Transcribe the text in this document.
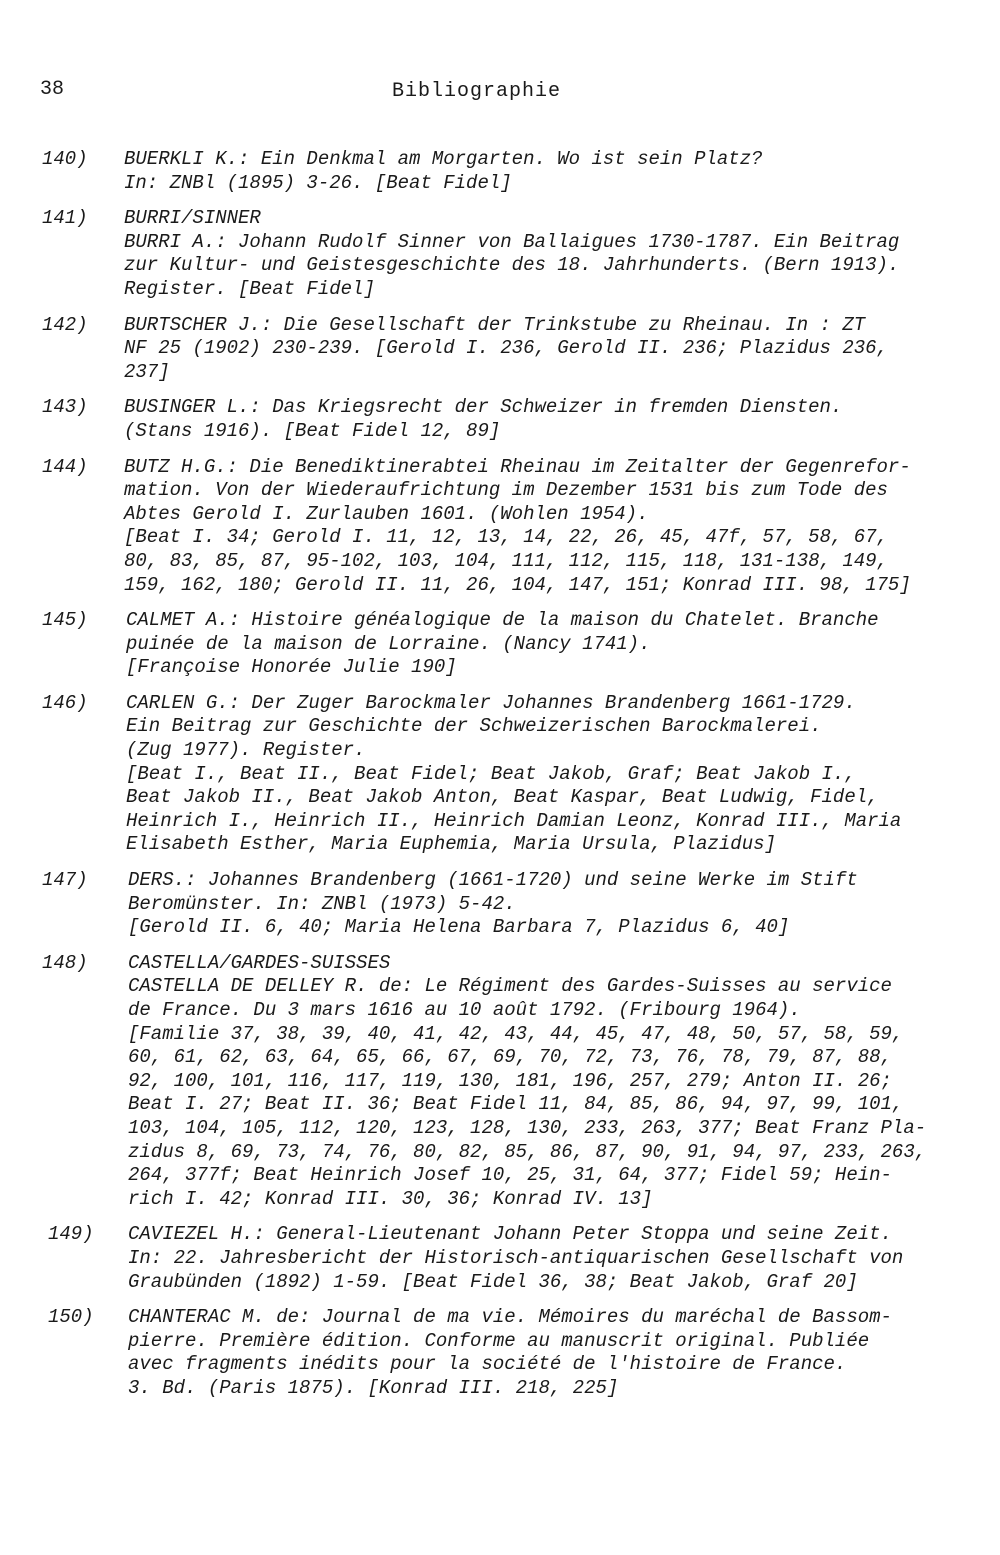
38	Bibliographie
140)	BUERKLI K.: Ein Denkmal am Morgarten. Wo ist sein Platz?
In: ZNBl (1895) 3-26. [Beat Fidel]
141)	BURRI/SINNER
BURRI A.: Johann Rudolf Sinner von Ballaigues 1730-1787. Ein Beitrag
zur Kultur- und Geistesgeschichte des 18. Jahrhunderts. (Bern 1913).
Register. [Beat Fidel]
142)	BURTSCHER J.: Die Gesellschaft der Trinkstube zu Rheinau. In : ZT
NF 25 (1902) 230-239. [Gerold I. 236, Gerold II. 236; Plazidus 236,
237]
143)	BUSINGER L.: Das Kriegsrecht der Schweizer in fremden Diensten.
(Stans 1916). [Beat Fidel 12, 89]
144)	BUTZ H.G.: Die Benediktinerabtei Rheinau im Zeitalter der Gegenrefor-
mation. Von der Wiederaufrichtung im Dezember 1531 bis zum Tode des
Abtes Gerold I. Zurlauben 1601. (Wohlen 1954).
[Beat I. 34; Gerold I. 11, 12, 13, 14, 22, 26, 45, 47f, 57, 58, 67,
80, 83, 85, 87, 95-102, 103, 104, 111, 112, 115, 118, 131-138, 149,
159, 162, 180; Gerold II. 11, 26, 104, 147, 151; Konrad III. 98, 175]
145)	CALMET A.: Histoire généalogique de la maison du Chatelet. Branche
puinée de la maison de Lorraine. (Nancy 1741).
[Françoise Honorée Julie 190]
146)	CARLEN G.: Der Zuger Barockmaler Johannes Brandenberg 1661-1729.
Ein Beitrag zur Geschichte der Schweizerischen Barockmalerei.
(Zug 1977). Register.
[Beat I., Beat II., Beat Fidel; Beat Jakob, Graf; Beat Jakob I.,
Beat Jakob II., Beat Jakob Anton, Beat Kaspar, Beat Ludwig, Fidel,
Heinrich I., Heinrich II., Heinrich Damian Leonz, Konrad III., Maria
Elisabeth Esther, Maria Euphemia, Maria Ursula, Plazidus]
147)	DERS.: Johannes Brandenberg (1661-1720) und seine Werke im Stift
Beromünster. In: ZNBl (1973) 5-42.
[Gerold II. 6, 40; Maria Helena Barbara 7, Plazidus 6, 40]
148)	CASTELLA/GARDES-SUISSES
CASTELLA DE DELLEY R. de: Le Régiment des Gardes-Suisses au service
de France. Du 3 mars 1616 au 10 août 1792. (Fribourg 1964).
[Familie 37, 38, 39, 40, 41, 42, 43, 44, 45, 47, 48, 50, 57, 58, 59,
60, 61, 62, 63, 64, 65, 66, 67, 69, 70, 72, 73, 76, 78, 79, 87, 88,
92, 100, 101, 116, 117, 119, 130, 181, 196, 257, 279; Anton II. 26;
Beat I. 27; Beat II. 36; Beat Fidel 11, 84, 85, 86, 94, 97, 99, 101,
103, 104, 105, 112, 120, 123, 128, 130, 233, 263, 377; Beat Franz Pla-
zidus 8, 69, 73, 74, 76, 80, 82, 85, 86, 87, 90, 91, 94, 97, 233, 263,
264, 377f; Beat Heinrich Josef 10, 25, 31, 64, 377; Fidel 59; Hein-
rich I. 42; Konrad III. 30, 36; Konrad IV. 13]
149)	CAVIEZEL H.: General-Lieutenant Johann Peter Stoppa und seine Zeit.
In: 22. Jahresbericht der Historisch-antiquarischen Gesellschaft von
Graubünden (1892) 1-59. [Beat Fidel 36, 38; Beat Jakob, Graf 20]
150)	CHANTERAC M. de: Journal de ma vie. Mémoires du maréchal de Bassom-
pierre. Première édition. Conforme au manuscrit original. Publiée
avec fragments inédits pour la société de l'histoire de France.
3. Bd. (Paris 1875). [Konrad III. 218, 225]
